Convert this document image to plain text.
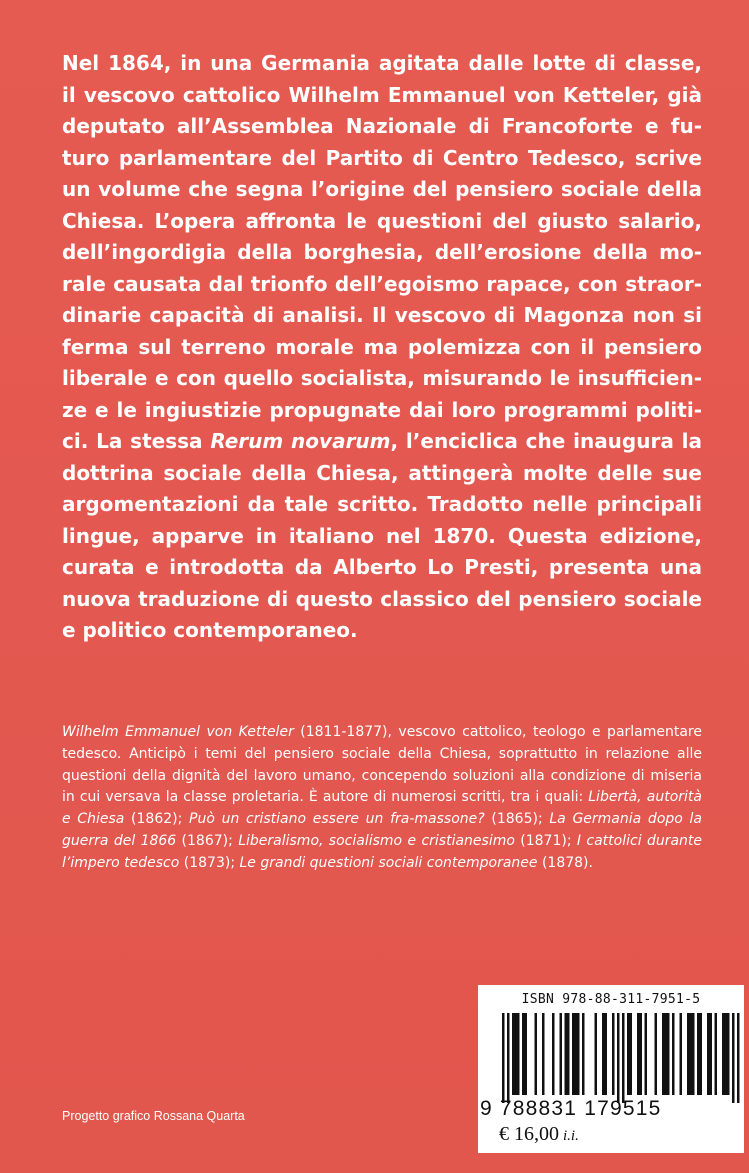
Nel 1864, in una Germania agitata dalle lotte di classe, il vescovo cattolico Wilhelm Emmanuel von Ketteler, già deputato all’Assemblea Nazionale di Francoforte e futuro parlamentare del Partito di Centro Tedesco, scrive un volume che segna l’origine del pensiero sociale della Chiesa. L’opera affronta le questioni del giusto salario, dell’ingordigia della borghesia, dell’erosione della morale causata dal trionfo dell’egoismo rapace, con straordinarie capacità di analisi. Il vescovo di Magonza non si ferma sul terreno morale ma polemizza con il pensiero liberale e con quello socialista, misurando le insufficienze e le ingiustizie propugnate dai loro programmi politici. La stessa Rerum novarum, l’enciclica che inaugura la dottrina sociale della Chiesa, attingerà molte delle sue argomentazioni da tale scritto. Tradotto nelle principali lingue, apparve in italiano nel 1870. Questa edizione, curata e introdotta da Alberto Lo Presti, presenta una nuova traduzione di questo classico del pensiero sociale e politico contemporaneo.

Wilhelm Emmanuel von Ketteler (1811-1877), vescovo cattolico, teologo e parlamentare tedesco. Anticipò i temi del pensiero sociale della Chiesa, soprattutto in relazione alle questioni della dignità del lavoro umano, concependo soluzioni alla condizione di miseria in cui versava la classe proletaria. È autore di numerosi scritti, tra i quali: Libertà, autorità e Chiesa (1862); Può un cristiano essere un fra-massone? (1865); La Germania dopo la guerra del 1866 (1867); Liberalismo, socialismo e cristianesimo (1871); I cattolici durante l’impero tedesco (1873); Le grandi questioni sociali contemporanee (1878).

Progetto grafico Rossana Quarta
ISBN 978-88-311-7951-5
9 788831 179515
€ 16,00 i.i.
